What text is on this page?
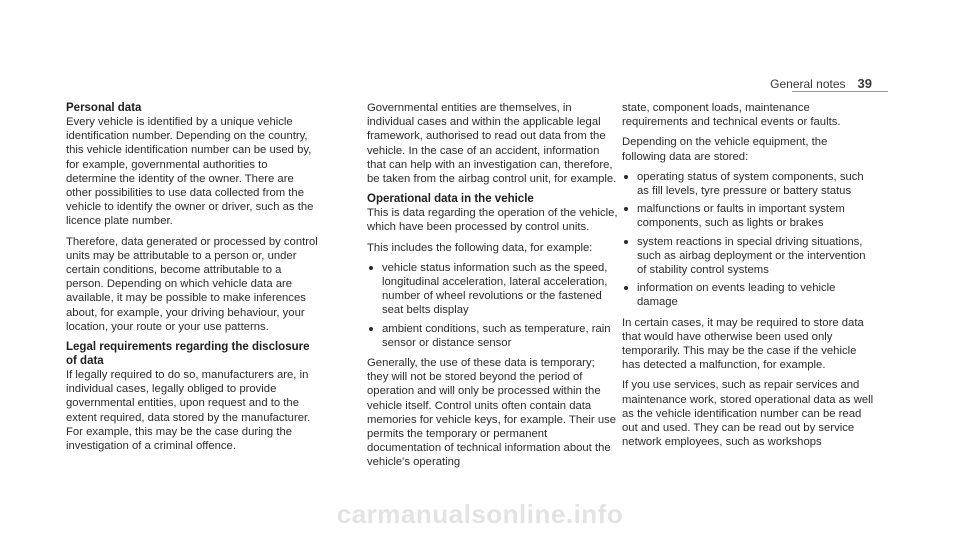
General notes 39
Personal data

Every vehicle is identified by a unique vehicle identification number. Depending on the country, this vehicle identification number can be used by, for example, governmental authorities to determine the identity of the owner. There are other possibilities to use data collected from the vehicle to identify the owner or driver, such as the licence plate number.

Therefore, data generated or processed by control units may be attributable to a person or, under certain conditions, become attributable to a person. Depending on which vehicle data are available, it may be possible to make inferences about, for example, your driving behaviour, your location, your route or your use patterns.

Legal requirements regarding the disclosure of data

If legally required to do so, manufacturers are, in individual cases, legally obliged to provide governmental entities, upon request and to the extent required, data stored by the manufacturer. For example, this may be the case during the investigation of a criminal offence.

Governmental entities are themselves, in individual cases and within the applicable legal framework, authorised to read out data from the vehicle. In the case of an accident, information that can help with an investigation can, therefore, be taken from the airbag control unit, for example.

Operational data in the vehicle

This is data regarding the operation of the vehicle, which have been processed by control units.

This includes the following data, for example:

vehicle status information such as the speed, longitudinal acceleration, lateral acceleration, number of wheel revolutions or the fastened seat belts display
ambient conditions, such as temperature, rain sensor or distance sensor

Generally, the use of these data is temporary; they will not be stored beyond the period of operation and will only be processed within the vehicle itself. Control units often contain data memories for vehicle keys, for example. Their use permits the temporary or permanent documentation of technical information about the vehicle's operating

state, component loads, maintenance requirements and technical events or faults.

Depending on the vehicle equipment, the following data are stored:

operating status of system components, such as fill levels, tyre pressure or battery status
malfunctions or faults in important system components, such as lights or brakes
system reactions in special driving situations, such as airbag deployment or the intervention of stability control systems
information on events leading to vehicle damage

In certain cases, it may be required to store data that would have otherwise been used only temporarily. This may be the case if the vehicle has detected a malfunction, for example.

If you use services, such as repair services and maintenance work, stored operational data as well as the vehicle identification number can be read out and used. They can be read out by service network employees, such as workshops

carmanualsonline.info
